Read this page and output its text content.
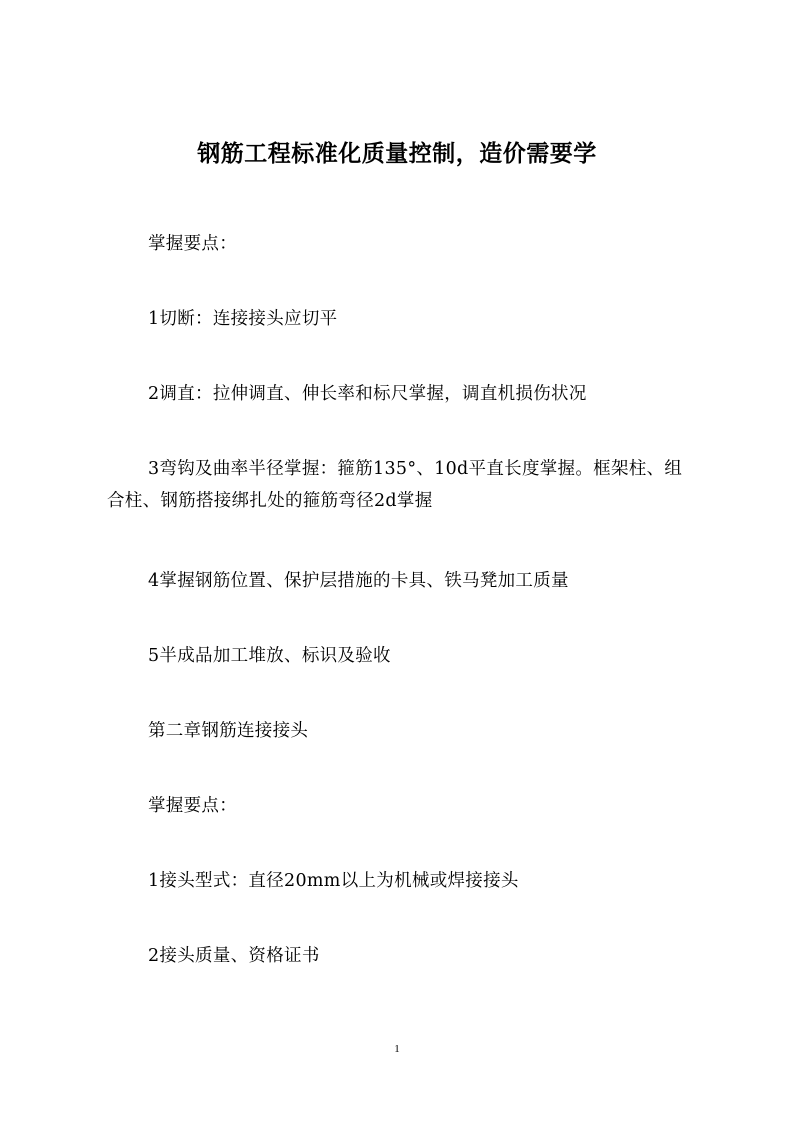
钢筋工程标准化质量控制，造价需要学
掌握要点：
1切断：连接接头应切平
2调直：拉伸调直、伸长率和标尺掌握，调直机损伤状况
3弯钩及曲率半径掌握：箍筋135°、10d平直长度掌握。框架柱、组合柱、钢筋搭接绑扎处的箍筋弯径2d掌握
4掌握钢筋位置、保护层措施的卡具、铁马凳加工质量
5半成品加工堆放、标识及验收
第二章钢筋连接接头
掌握要点：
1接头型式：直径20mm以上为机械或焊接接头
2接头质量、资格证书
1
